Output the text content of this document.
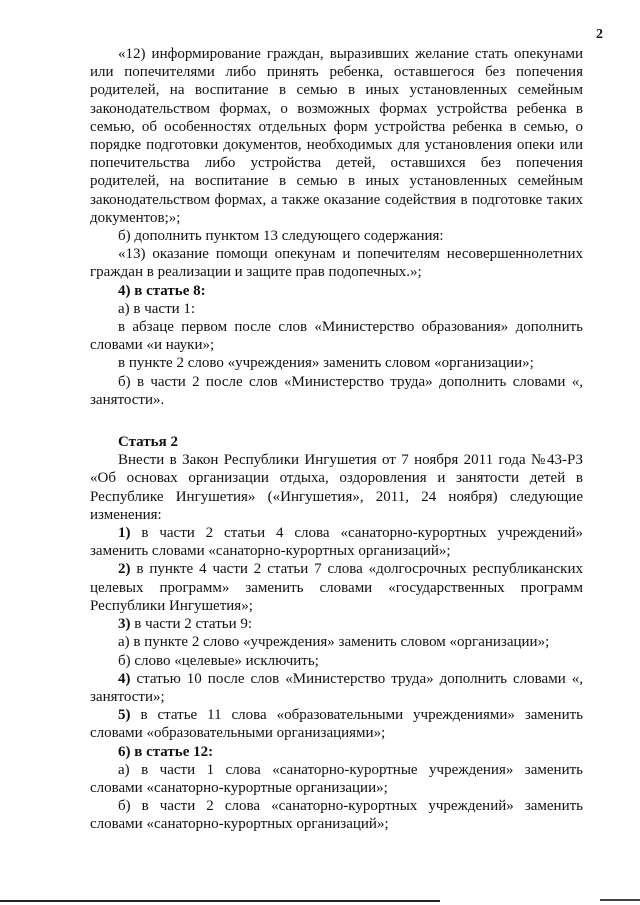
2

«12) информирование граждан, выразивших желание стать опекунами или попечителями либо принять ребенка, оставшегося без попечения родителей, на воспитание в семью в иных установленных семейным законодательством формах, о возможных формах устройства ребенка в семью, об особенностях отдельных форм устройства ребенка в семью, о порядке подготовки документов, необходимых для установления опеки или попечительства либо устройства детей, оставшихся без попечения родителей, на воспитание в семью в иных установленных семейным законодательством формах, а также оказание содействия в подготовке таких документов;»;

б) дополнить пунктом 13 следующего содержания:

«13) оказание помощи опекунам и попечителям несовершеннолетних граждан в реализации и защите прав подопечных.»;

4) в статье 8:

а) в части 1:

в абзаце первом после слов «Министерство образования» дополнить словами «и науки»;

в пункте 2 слово «учреждения» заменить словом «организации»;

б) в части 2 после слов «Министерство труда» дополнить словами «, занятости».

Статья 2

Внести в Закон Республики Ингушетия от 7 ноября 2011 года №43-РЗ «Об основах организации отдыха, оздоровления и занятости детей в Республике Ингушетия» («Ингушетия», 2011, 24 ноября) следующие изменения:

1) в части 2 статьи 4 слова «санаторно-курортных учреждений» заменить словами «санаторно-курортных организаций»;

2) в пункте 4 части 2 статьи 7 слова «долгосрочных республиканских целевых программ» заменить словами «государственных программ Республики Ингушетия»;

3) в части 2 статьи 9:

а) в пункте 2 слово «учреждения» заменить словом «организации»;

б) слово «целевые» исключить;

4) статью 10 после слов «Министерство труда» дополнить словами «, занятости»;

5) в статье 11 слова «образовательными учреждениями» заменить словами «образовательными организациями»;

6) в статье 12:

а) в части 1 слова «санаторно-курортные учреждения» заменить словами «санаторно-курортные организации»;

б) в части 2 слова «санаторно-курортных учреждений» заменить словами «санаторно-курортных организаций»;
